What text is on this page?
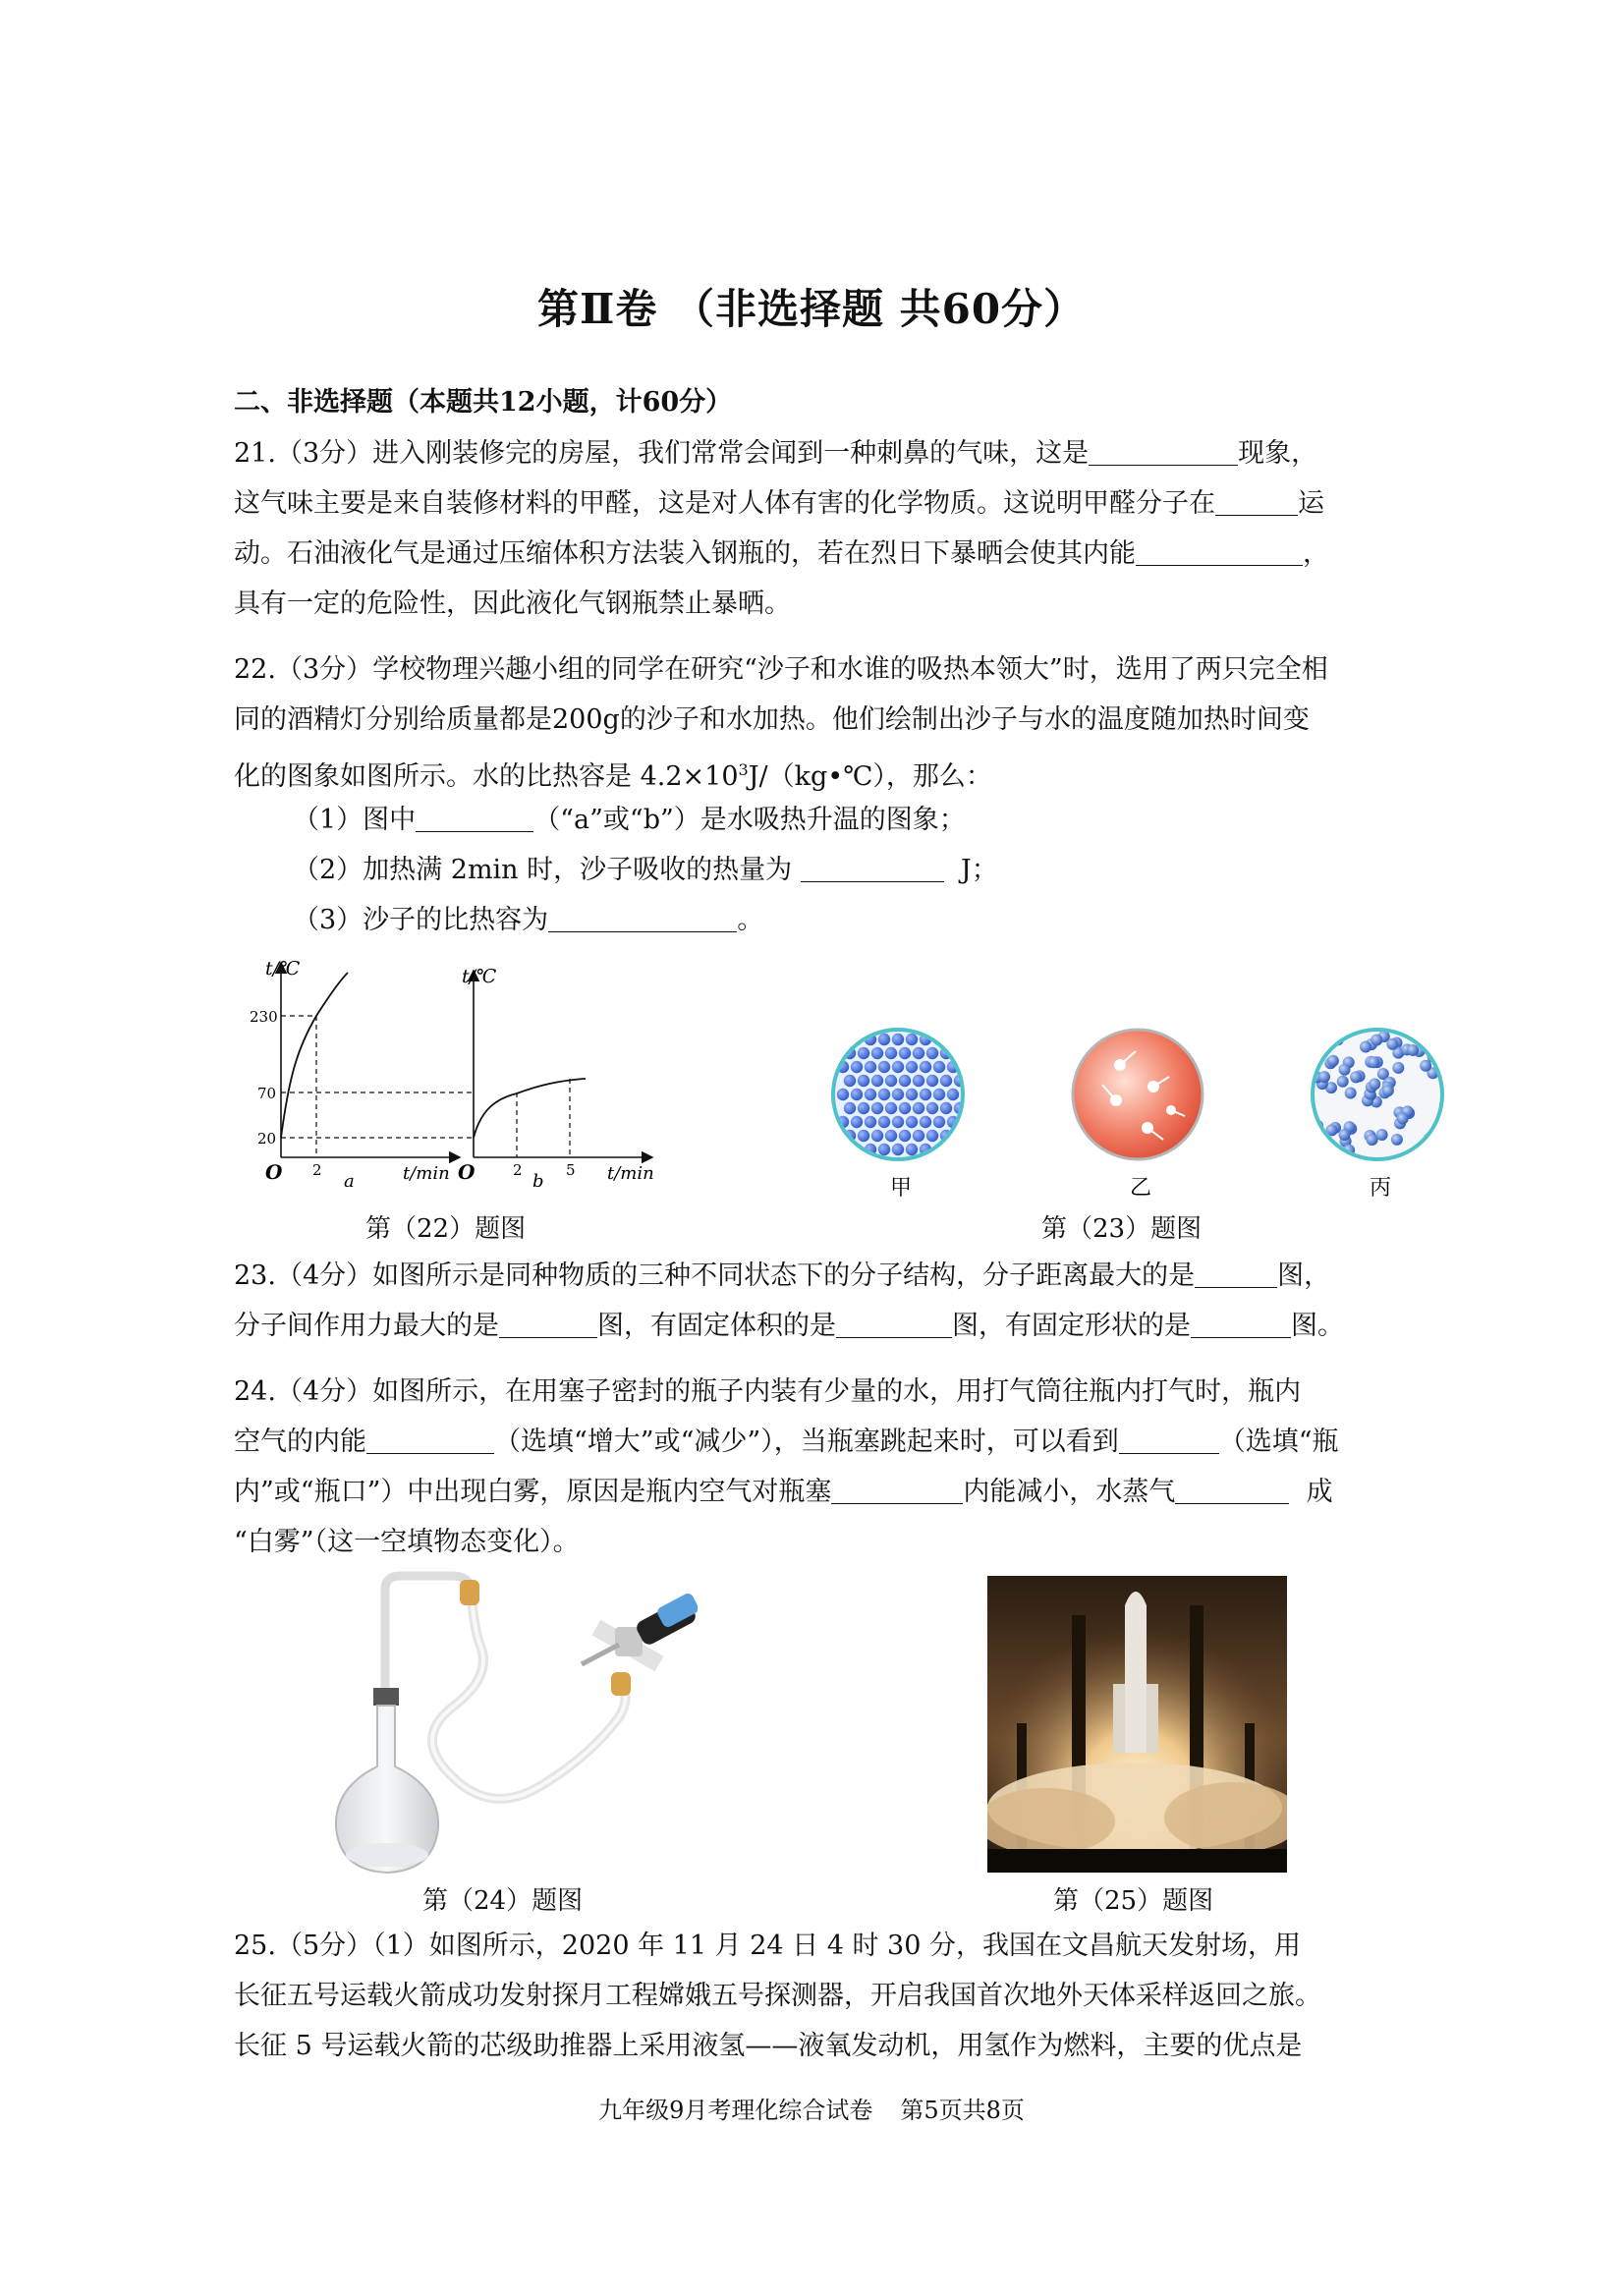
第Ⅱ卷 （非选择题 共60分）
二、非选择题（本题共12小题，计60分）
21.（3分）进入刚装修完的房屋，我们常常会闻到一种刺鼻的气味，这是	现象，
这气味主要是来自装修材料的甲醛，这是对人体有害的化学物质。这说明甲醛分子在	运
动。石油液化气是通过压缩体积方法装入钢瓶的，若在烈日下暴晒会使其内能	，
具有一定的危险性，因此液化气钢瓶禁止暴晒。
22.（3分）学校物理兴趣小组的同学在研究“沙子和水谁的吸热本领大”时，选用了两只完全相
同的酒精灯分别给质量都是200g的沙子和水加热。他们绘制出沙子与水的温度随加热时间变
化的图象如图所示。水的比热容是 $4.2\times 10^3J/(kg•℃)$，那么：
（1）图中	（“a”或“b”）是水吸热升温的图象；
（2）加热满 2min 时，沙子吸收的热量为	J；
（3）沙子的比热容为	。
t/℃
230
70
20
2
O	t/min
a
t/℃
2	5
O	t/min
b	甲	乙	丙
第（22）题图	第（23）题图
23.（4分）如图所示是同种物质的三种不同状态下的分子结构，分子距离最大的是	图，
分子间作用力最大的是	图，有固定体积的是	图，有固定形状的是	图。
24.（4分）如图所示，在用塞子密封的瓶子内装有少量的水，用打气筒往瓶内打气时，瓶内
空气的内能	（选填“增大”或“减少”），当瓶塞跳起来时，可以看到	（选填“瓶
内”或“瓶口”）中出现白雾，原因是瓶内空气对瓶塞	内能减小，水蒸气	成
“白雾”（这一空填物态变化）。
第（24）题图	第（25）题图
25.（5分）（1）如图所示，2020 年 11 月 24 日 4 时 30 分，我国在文昌航天发射场，用
长征五号运载火箭成功发射探月工程嫦娥五号探测器，开启我国首次地外天体采样返回之旅。
长征 5 号运载火箭的芯级助推器上采用液氢——液氧发动机，用氢作为燃料，主要的优点是
九年级9月考理化综合试卷 第5页共8页
